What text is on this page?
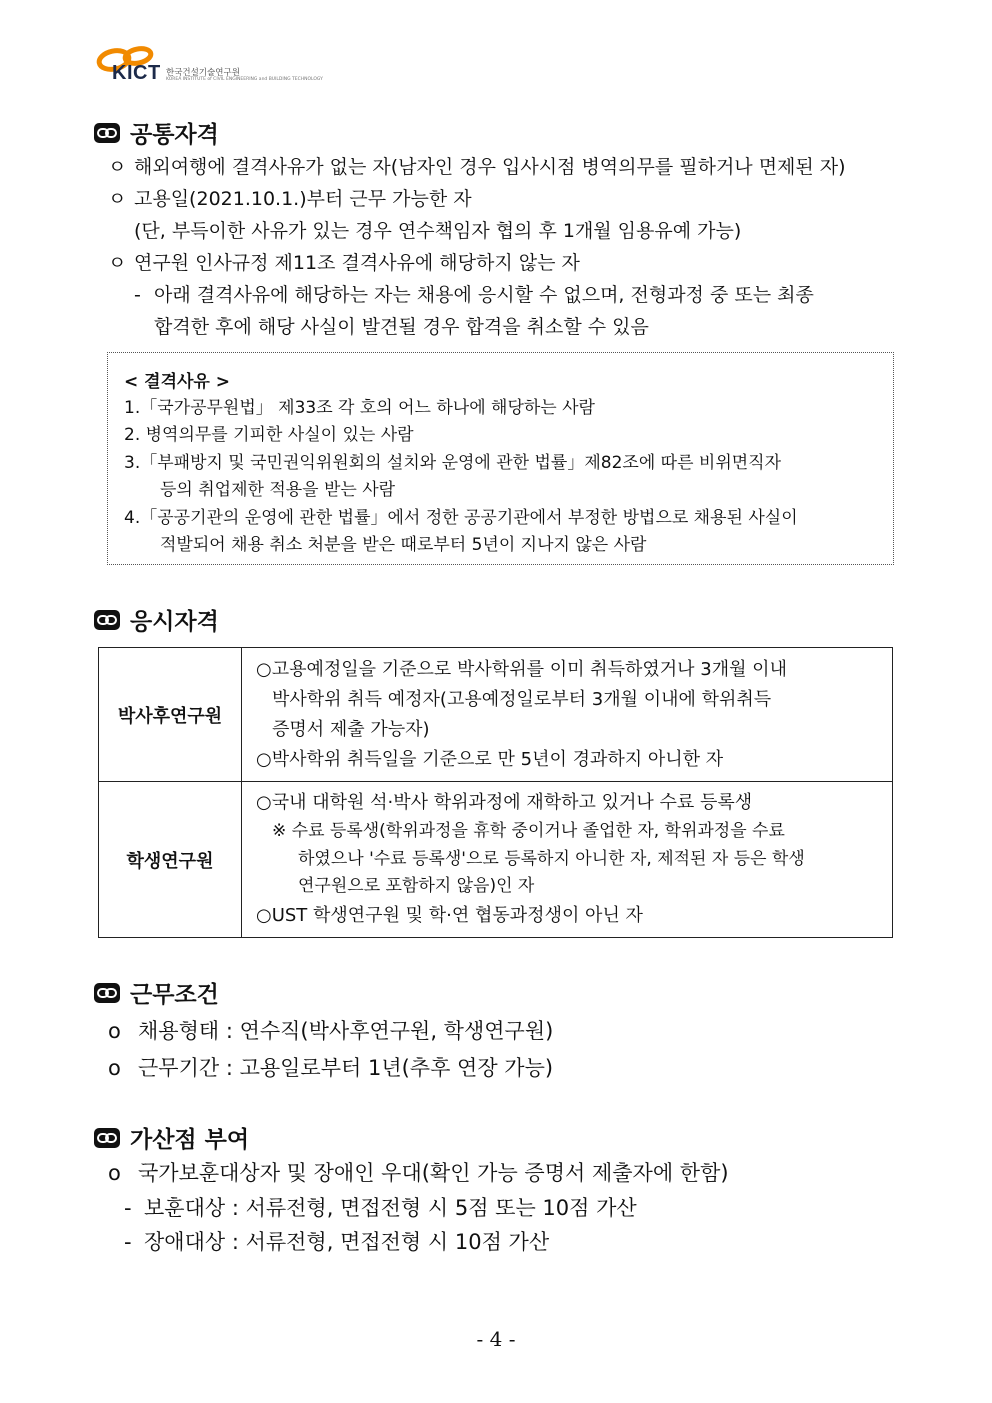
KICT 한국건설기술연구원
KOREA INSTITUTE of CIVIL ENGINEERING and BUILDING TECHNOLOGY
공통자격
ㅇ 해외여행에 결격사유가 없는 자(남자인 경우 입사시점 병역의무를 필하거나 면제된 자)
ㅇ 고용일(2021.10.1.)부터 근무 가능한 자
(단, 부득이한 사유가 있는 경우 연수책임자 협의 후 1개월 임용유예 가능)
ㅇ 연구원 인사규정 제11조 결격사유에 해당하지 않는 자
- 아래 결격사유에 해당하는 자는 채용에 응시할 수 없으며, 전형과정 중 또는 최종
합격한 후에 해당 사실이 발견될 경우 합격을 취소할 수 있음
< 결격사유 >
1.「국가공무원법」 제33조 각 호의 어느 하나에 해당하는 사람
2. 병역의무를 기피한 사실이 있는 사람
3.「부패방지 및 국민권익위원회의 설치와 운영에 관한 법률」제82조에 따른 비위면직자
등의 취업제한 적용을 받는 사람
4.「공공기관의 운영에 관한 법률」에서 정한 공공기관에서 부정한 방법으로 채용된 사실이
적발되어 채용 취소 처분을 받은 때로부터 5년이 지나지 않은 사람
응시자격
박사후연구원	○고용예정일을 기준으로 박사학위를 이미 취득하였거나 3개월 이내
박사학위 취득 예정자(고용예정일로부터 3개월 이내에 학위취득
증명서 제출 가능자)
○박사학위 취득일을 기준으로 만 5년이 경과하지 아니한 자

학생연구원	○국내 대학원 석·박사 학위과정에 재학하고 있거나 수료 등록생
※ 수료 등록생(학위과정을 휴학 중이거나 졸업한 자, 학위과정을 수료
하였으나 '수료 등록생'으로 등록하지 아니한 자, 제적된 자 등은 학생
연구원으로 포함하지 않음)인 자
○UST 학생연구원 및 학·연 협동과정생이 아닌 자
근무조건
o 채용형태 : 연수직(박사후연구원, 학생연구원)
o 근무기간 : 고용일로부터 1년(추후 연장 가능)
가산점 부여
o 국가보훈대상자 및 장애인 우대(확인 가능 증명서 제출자에 한함)
- 보훈대상 : 서류전형, 면접전형 시 5점 또는 10점 가산
- 장애대상 : 서류전형, 면접전형 시 10점 가산
- 4 -
